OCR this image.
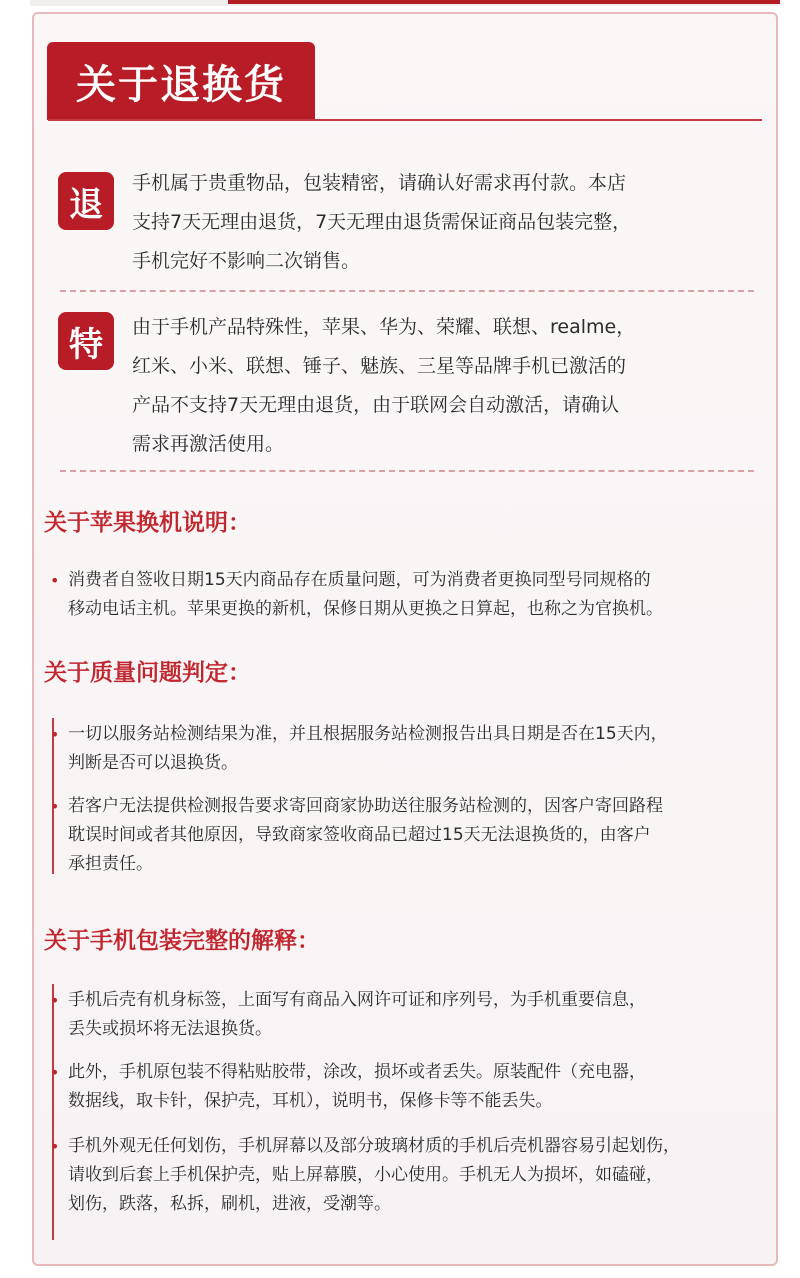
关于退换货
退
手机属于贵重物品，包装精密，请确认好需求再付款。本店
支持7天无理由退货，7天无理由退货需保证商品包装完整，
手机完好不影响二次销售。
特	由于手机产品特殊性，苹果、华为、荣耀、联想、realme，
红米、小米、联想、锤子、魅族、三星等品牌手机已激活的
产品不支持7天无理由退货，由于联网会自动激活，请确认
需求再激活使用。
关于苹果换机说明：
• 消费者自签收日期15天内商品存在质量问题，可为消费者更换同型号同规格的
移动电话主机。苹果更换的新机，保修日期从更换之日算起，也称之为官换机。
关于质量问题判定：
• 一切以服务站检测结果为准，并且根据服务站检测报告出具日期是否在15天内，
判断是否可以退换货。
• 若客户无法提供检测报告要求寄回商家协助送往服务站检测的，因客户寄回路程
耽误时间或者其他原因，导致商家签收商品已超过15天无法退换货的，由客户
承担责任。
关于手机包装完整的解释：
• 手机后壳有机身标签，上面写有商品入网许可证和序列号，为手机重要信息，
丢失或损坏将无法退换货。
• 此外，手机原包装不得粘贴胶带，涂改，损坏或者丢失。原装配件（充电器，
数据线，取卡针，保护壳，耳机），说明书，保修卡等不能丢失。
• 手机外观无任何划伤，手机屏幕以及部分玻璃材质的手机后壳机器容易引起划伤，
请收到后套上手机保护壳，贴上屏幕膜，小心使用。手机无人为损坏，如磕碰，
划伤，跌落，私拆，刷机，进液，受潮等。
